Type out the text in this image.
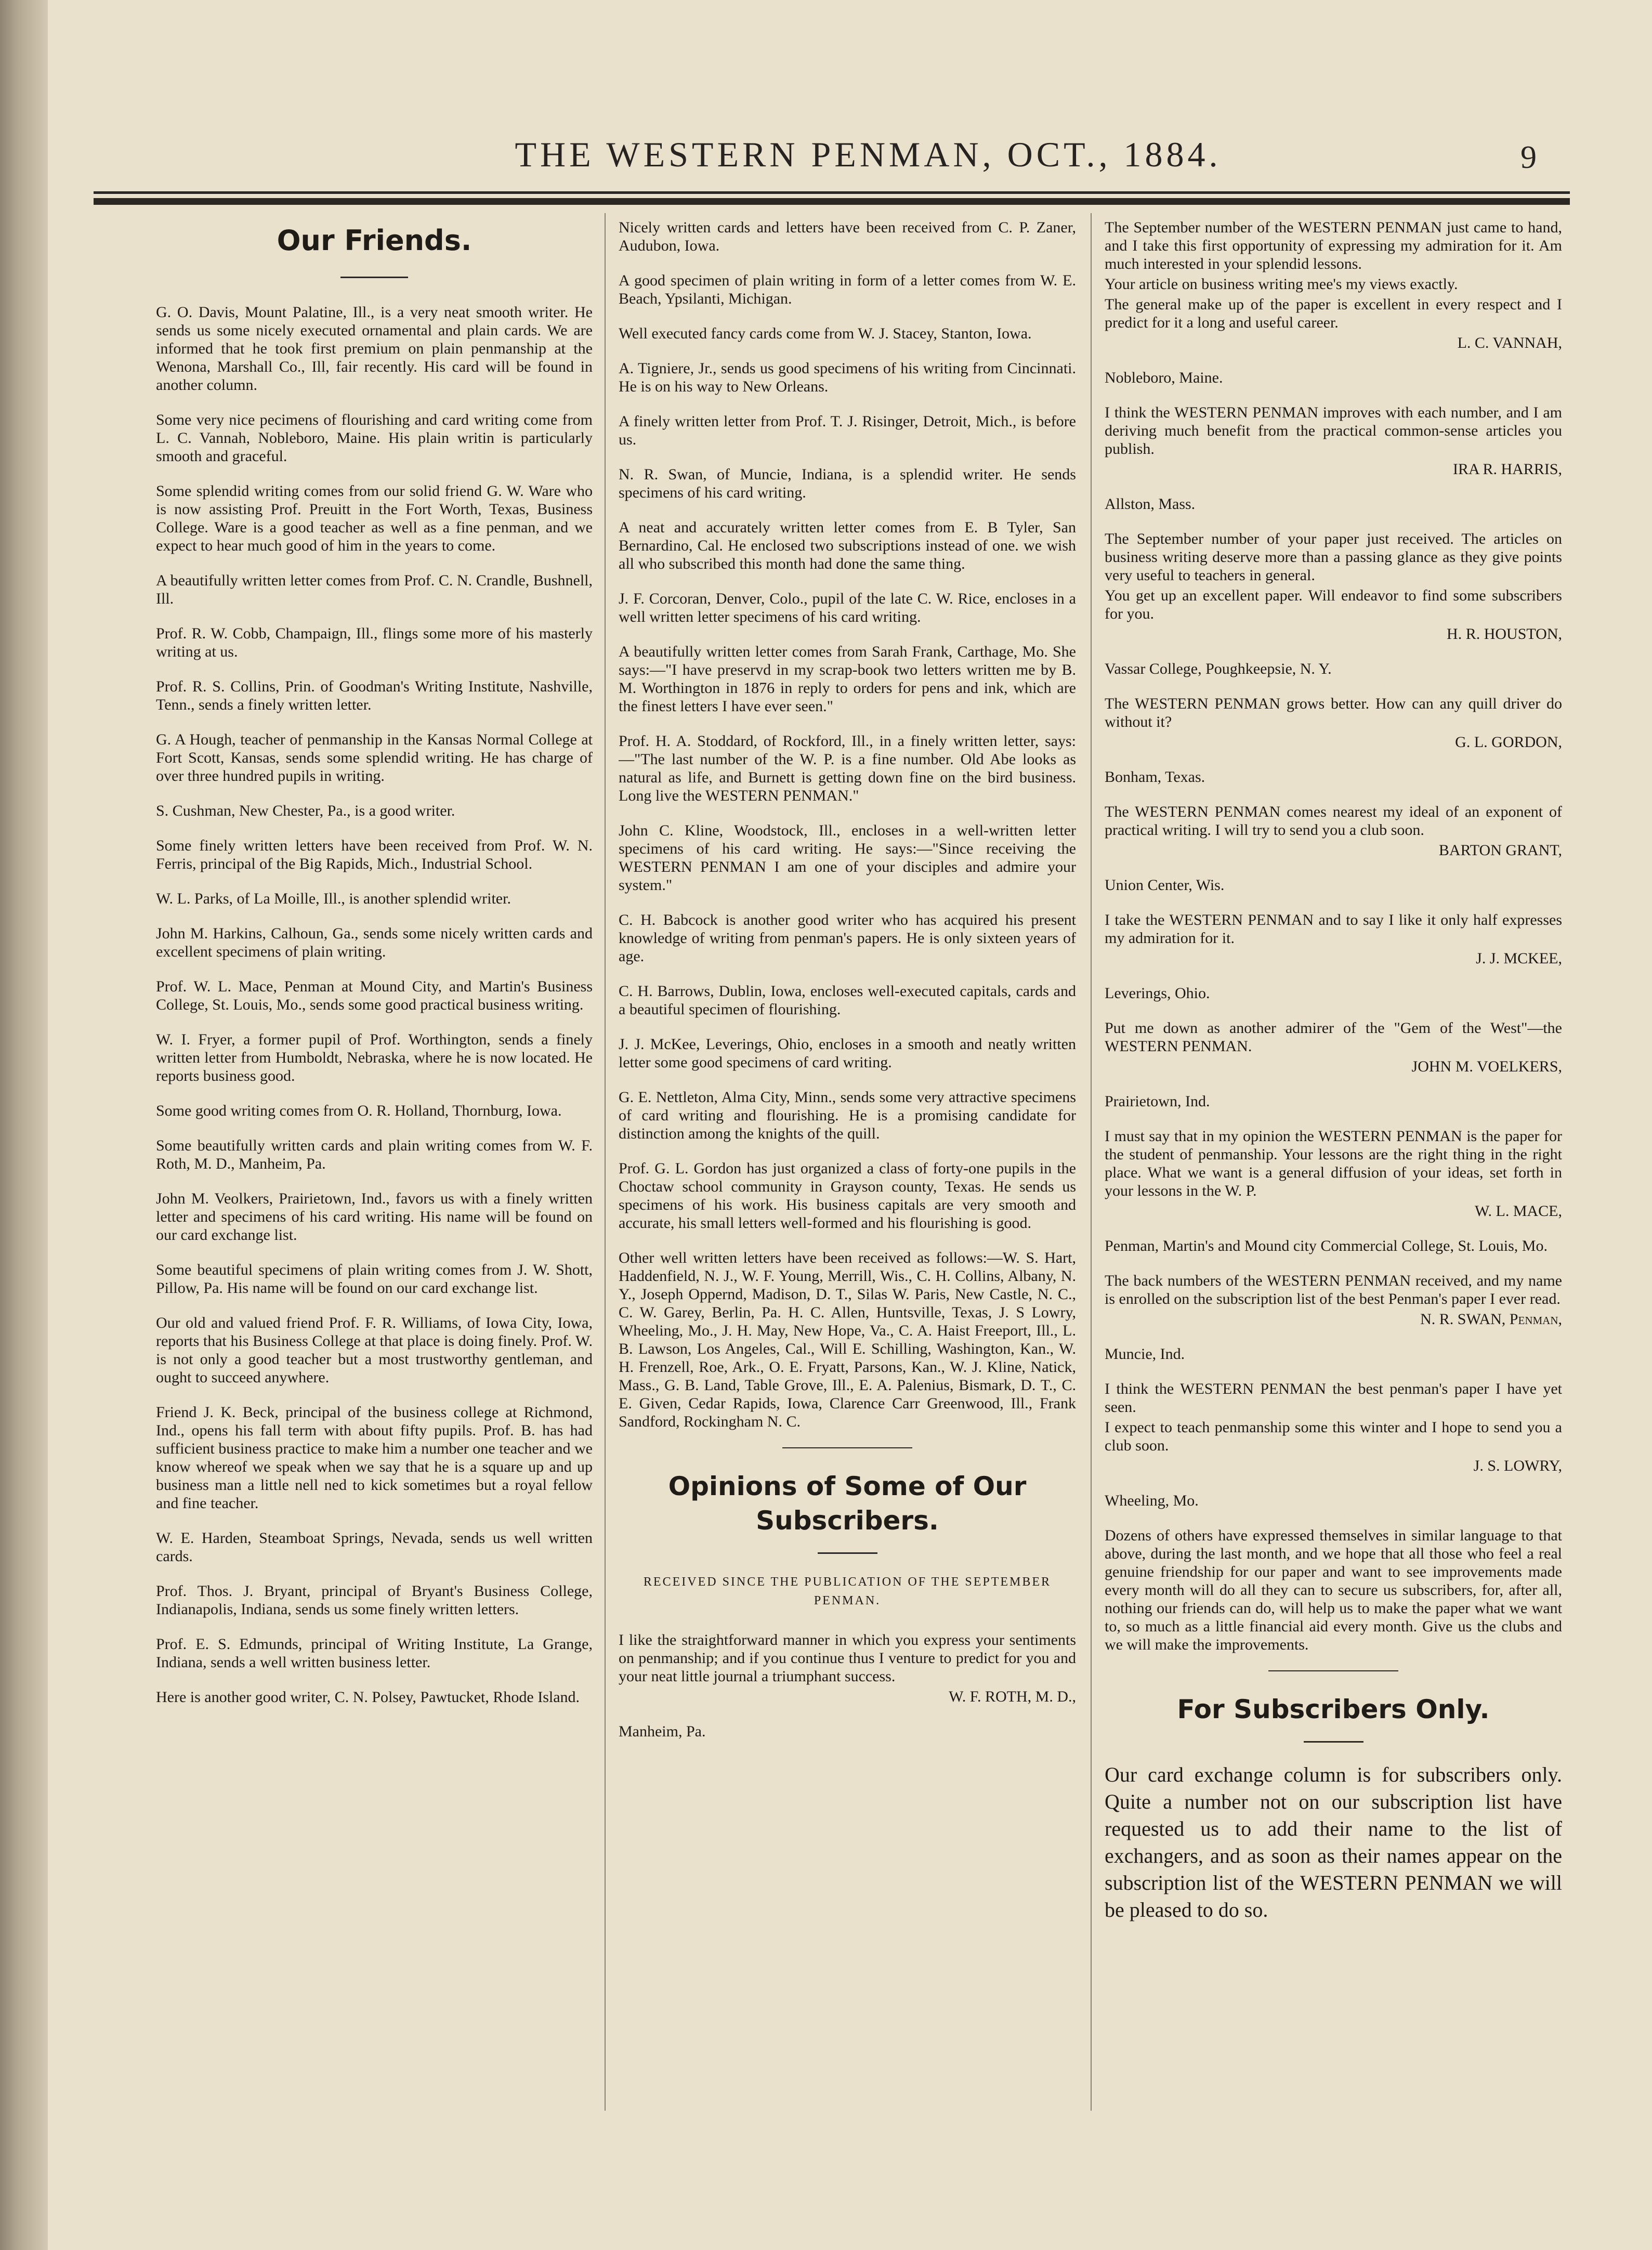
THE WESTERN PENMAN, OCT., 1884.	9
Our Friends.

G. O. Davis, Mount Palatine, Ill., is a very neat smooth writer. He sends us some nicely executed ornamental and plain cards. We are informed that he took first premium on plain penmanship at the Wenona, Marshall Co., Ill, fair recently. His card will be found in another column.

Some very nice pecimens of flourishing and card writing come from L. C. Vannah, Nobleboro, Maine. His plain writin is particularly smooth and graceful.

Some splendid writing comes from our solid friend G. W. Ware who is now assisting Prof. Preuitt in the Fort Worth, Texas, Business College. Ware is a good teacher as well as a fine penman, and we expect to hear much good of him in the years to come.

A beautifully written letter comes from Prof. C. N. Crandle, Bushnell, Ill.

Prof. R. W. Cobb, Champaign, Ill., flings some more of his masterly writing at us.

Prof. R. S. Collins, Prin. of Goodman's Writing Institute, Nashville, Tenn., sends a finely written letter.

G. A Hough, teacher of penmanship in the Kansas Normal College at Fort Scott, Kansas, sends some splendid writing. He has charge of over three hundred pupils in writing.

S. Cushman, New Chester, Pa., is a good writer.

Some finely written letters have been received from Prof. W. N. Ferris, principal of the Big Rapids, Mich., Industrial School.

W. L. Parks, of La Moille, Ill., is another splendid writer.

John M. Harkins, Calhoun, Ga., sends some nicely written cards and excellent specimens of plain writing.

Prof. W. L. Mace, Penman at Mound City, and Martin's Business College, St. Louis, Mo., sends some good practical business writing.

W. I. Fryer, a former pupil of Prof. Worthington, sends a finely written letter from Humboldt, Nebraska, where he is now located. He reports business good.

Some good writing comes from O. R. Holland, Thornburg, Iowa.

Some beautifully written cards and plain writing comes from W. F. Roth, M. D., Manheim, Pa.

John M. Veolkers, Prairietown, Ind., favors us with a finely written letter and specimens of his card writing. His name will be found on our card exchange list.

Some beautiful specimens of plain writing comes from J. W. Shott, Pillow, Pa. His name will be found on our card exchange list.

Our old and valued friend Prof. F. R. Williams, of Iowa City, Iowa, reports that his Business College at that place is doing finely. Prof. W. is not only a good teacher but a most trustworthy gentleman, and ought to succeed anywhere.

Friend J. K. Beck, principal of the business college at Richmond, Ind., opens his fall term with about fifty pupils. Prof. B. has had sufficient business practice to make him a number one teacher and we know whereof we speak when we say that he is a square up and up business man a little nell ned to kick sometimes but a royal fellow and fine teacher.

W. E. Harden, Steamboat Springs, Nevada, sends us well written cards.

Prof. Thos. J. Bryant, principal of Bryant's Business College, Indianapolis, Indiana, sends us some finely written letters.

Prof. E. S. Edmunds, principal of Writing Institute, La Grange, Indiana, sends a well written business letter.

Here is another good writer, C. N. Polsey, Pawtucket, Rhode Island.

Nicely written cards and letters have been received from C. P. Zaner, Audubon, Iowa.

A good specimen of plain writing in form of a letter comes from W. E. Beach, Ypsilanti, Michigan.

Well executed fancy cards come from W. J. Stacey, Stanton, Iowa.

A. Tigniere, Jr., sends us good specimens of his writing from Cincinnati. He is on his way to New Orleans.

A finely written letter from Prof. T. J. Risinger, Detroit, Mich., is before us.

N. R. Swan, of Muncie, Indiana, is a splendid writer. He sends specimens of his card writing.

A neat and accurately written letter comes from E. B Tyler, San Bernardino, Cal. He enclosed two subscriptions instead of one. we wish all who subscribed this month had done the same thing.

J. F. Corcoran, Denver, Colo., pupil of the late C. W. Rice, encloses in a well written letter specimens of his card writing.

A beautifully written letter comes from Sarah Frank, Carthage, Mo. She says:—"I have preservd in my scrap-book two letters written me by B. M. Worthington in 1876 in reply to orders for pens and ink, which are the finest letters I have ever seen."

Prof. H. A. Stoddard, of Rockford, Ill., in a finely written letter, says:—"The last number of the W. P. is a fine number. Old Abe looks as natural as life, and Burnett is getting down fine on the bird business. Long live the WESTERN PENMAN."

John C. Kline, Woodstock, Ill., encloses in a well-written letter specimens of his card writing. He says:—"Since receiving the WESTERN PENMAN I am one of your disciples and admire your system."

C. H. Babcock is another good writer who has acquired his present knowledge of writing from penman's papers. He is only sixteen years of age.

C. H. Barrows, Dublin, Iowa, encloses well-executed capitals, cards and a beautiful specimen of flourishing.

J. J. McKee, Leverings, Ohio, encloses in a smooth and neatly written letter some good specimens of card writing.

G. E. Nettleton, Alma City, Minn., sends some very attractive specimens of card writing and flourishing. He is a promising candidate for distinction among the knights of the quill.

Prof. G. L. Gordon has just organized a class of forty-one pupils in the Choctaw school community in Grayson county, Texas. He sends us specimens of his work. His business capitals are very smooth and accurate, his small letters well-formed and his flourishing is good.

Other well written letters have been received as follows:—W. S. Hart, Haddenfield, N. J., W. F. Young, Merrill, Wis., C. H. Collins, Albany, N. Y., Joseph Oppernd, Madison, D. T., Silas W. Paris, New Castle, N. C., C. W. Garey, Berlin, Pa. H. C. Allen, Huntsville, Texas, J. S Lowry, Wheeling, Mo., J. H. May, New Hope, Va., C. A. Haist Freeport, Ill., L. B. Lawson, Los Angeles, Cal., Will E. Schilling, Washington, Kan., W. H. Frenzell, Roe, Ark., O. E. Fryatt, Parsons, Kan., W. J. Kline, Natick, Mass., G. B. Land, Table Grove, Ill., E. A. Palenius, Bismark, D. T., C. E. Given, Cedar Rapids, Iowa, Clarence Carr Greenwood, Ill., Frank Sandford, Rockingham N. C.

Opinions of Some of Our Subscribers.
RECEIVED SINCE THE PUBLICATION OF THE SEPTEMBER PENMAN.

I like the straightforward manner in which you express your sentiments on penmanship; and if you continue thus I venture to predict for you and your neat little journal a triumphant success.

W. F. ROTH, M. D.,

Manheim, Pa.

The September number of the WESTERN PENMAN just came to hand, and I take this first opportunity of expressing my admiration for it. Am much interested in your splendid lessons.

Your article on business writing mee's my views exactly.

The general make up of the paper is excellent in every respect and I predict for it a long and useful career.

L. C. VANNAH,

Nobleboro, Maine.

I think the WESTERN PENMAN improves with each number, and I am deriving much benefit from the practical common-sense articles you publish.

IRA R. HARRIS,

Allston, Mass.

The September number of your paper just received. The articles on business writing deserve more than a passing glance as they give points very useful to teachers in general.

You get up an excellent paper. Will endeavor to find some subscribers for you.

H. R. HOUSTON,

Vassar College, Poughkeepsie, N. Y.

The WESTERN PENMAN grows better. How can any quill driver do without it?

G. L. GORDON,

Bonham, Texas.

The WESTERN PENMAN comes nearest my ideal of an exponent of practical writing. I will try to send you a club soon.

BARTON GRANT,

Union Center, Wis.

I take the WESTERN PENMAN and to say I like it only half expresses my admiration for it.

J. J. MCKEE,

Leverings, Ohio.

Put me down as another admirer of the "Gem of the West"—the WESTERN PENMAN.

JOHN M. VOELKERS,

Prairietown, Ind.

I must say that in my opinion the WESTERN PENMAN is the paper for the student of penmanship. Your lessons are the right thing in the right place. What we want is a general diffusion of your ideas, set forth in your lessons in the W. P.

W. L. MACE,

Penman, Martin's and Mound city Commercial College, St. Louis, Mo.

The back numbers of the WESTERN PENMAN received, and my name is enrolled on the subscription list of the best Penman's paper I ever read.

N. R. SWAN, Penman,

Muncie, Ind.

I think the WESTERN PENMAN the best penman's paper I have yet seen.

I expect to teach penmanship some this winter and I hope to send you a club soon.

J. S. LOWRY,

Wheeling, Mo.

Dozens of others have expressed themselves in similar language to that above, during the last month, and we hope that all those who feel a real genuine friendship for our paper and want to see improvements made every month will do all they can to secure us subscribers, for, after all, nothing our friends can do, will help us to make the paper what we want to, so much as a little financial aid every month. Give us the clubs and we will make the improvements.

For Subscribers Only.

Our card exchange column is for subscribers only. Quite a number not on our subscription list have requested us to add their name to the list of exchangers, and as soon as their names appear on the subscription list of the WESTERN PENMAN we will be pleased to do so.
